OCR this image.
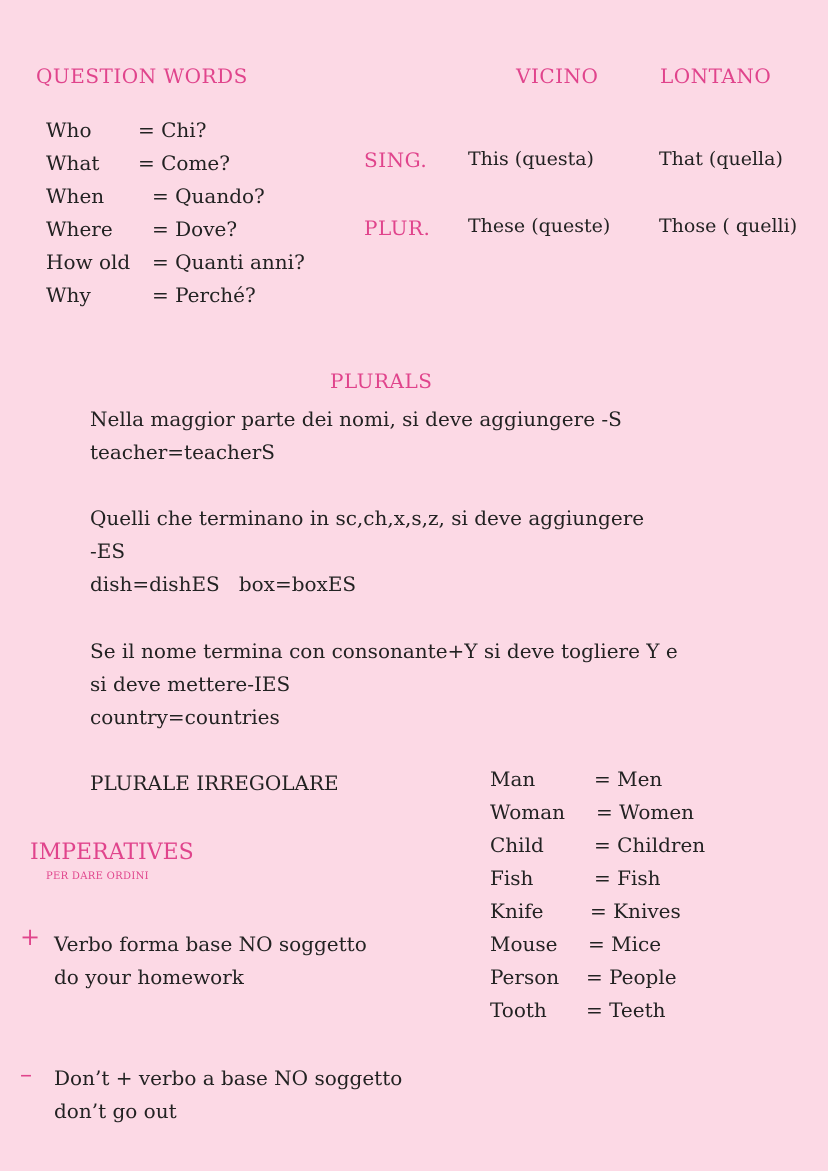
QUESTION WORDS
Who = Chi?
What = Come?
When = Quando?
Where = Dove?
How old = Quanti anni?
Why	= Perché?
VICINO	LONTANO
SING. This (questa)	That (quella)
PLUR. These (queste)	Those ( quelli)
PLURALS
Nella maggior parte dei nomi, si deve aggiungere -S
teacher=teacherS
Quelli che terminano in sc,ch,x,s,z, si deve aggiungere
-ES
dish=dishES   box=boxES
Se il nome termina con consonante+Y si deve togliere Y e
si deve mettere-IES
country=countries
PLURALE IRREGOLARE	Man	= Men
Woman = Women
Child	= Children
Fish	= Fish
Knife = Knives
Mouse = Mice
Person = People
Tooth = Teeth
IMPERATIVES
PER DARE ORDINI
+ Verbo forma base NO soggetto
do your homework
– Don’t + verbo a base NO soggetto
don’t go out
